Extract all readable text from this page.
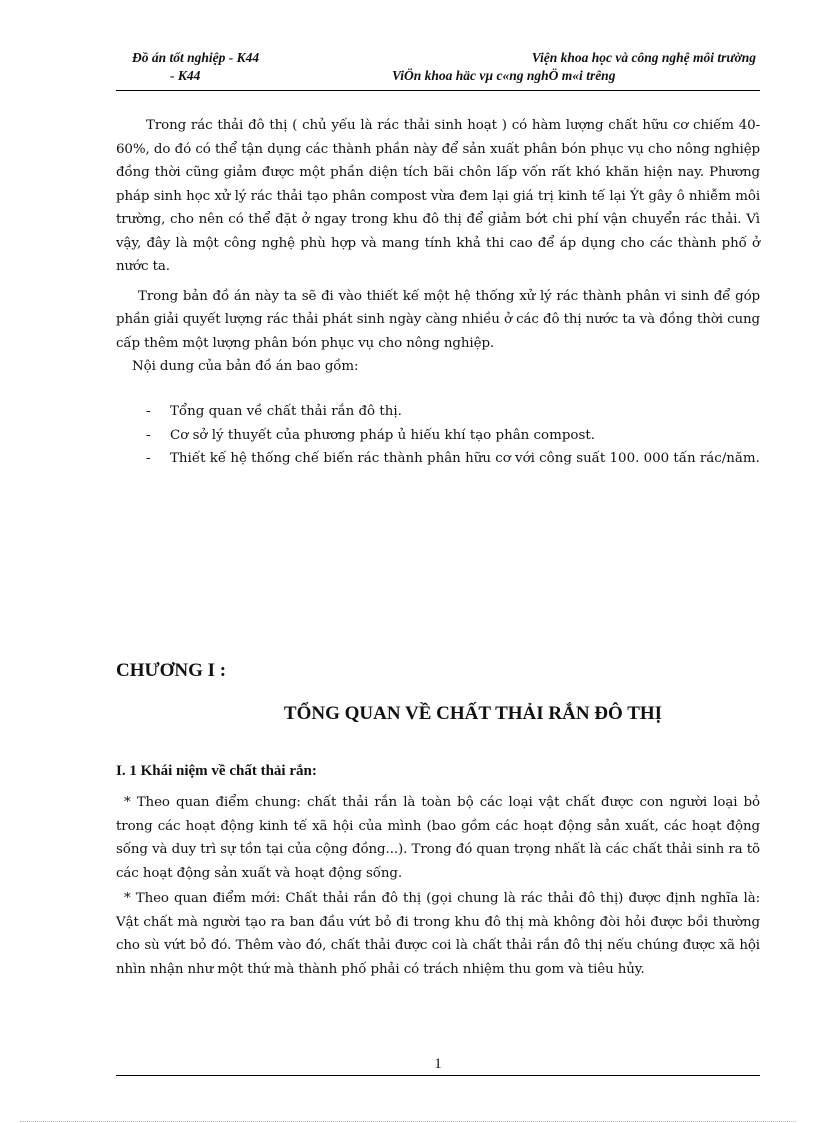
Đồ án tốt nghiệp - K44
- K44
Viện khoa học và công nghệ môi trường
ViÖn khoa häc vµ c«ng nghÖ m«i trêng

Trong rác thải đô thị ( chủ yếu là rác thải sinh hoạt ) có hàm lượng chất hữu cơ chiếm 40- 60%, do đó có thể tận dụng các thành phần này để sản xuất phân bón phục vụ cho nông nghiệp đồng thời cũng giảm được một phần diện tích bãi chôn lấp vốn rất khó khăn hiện nay. Phương pháp sinh học xử lý rác thải tạo phân compost vừa đem lại giá trị kinh tế lại Ýt gây ô nhiễm môi trường, cho nên có thể đặt ở ngay trong khu đô thị để giảm bớt chi phí vận chuyển rác thải. Vì vậy, đây là một công nghệ phù hợp và mang tính khả thi cao để áp dụng cho các thành phố ở nước ta.

Trong bản đồ án này ta sẽ đi vào thiết kế một hệ thống xử lý rác thành phân vi sinh để góp phần giải quyết lượng rác thải phát sinh ngày càng nhiều ở các đô thị nước ta và đồng thời cung cấp thêm một lượng phân bón phục vụ cho nông nghiệp.

Nội dung của bản đồ án bao gồm:

- Tổng quan về chất thải rắn đô thị.
- Cơ sở lý thuyết của phương pháp ủ hiếu khí tạo phân compost.
- Thiết kế hệ thống chế biến rác thành phân hữu cơ với công suất 100. 000 tấn rác/năm.
CHƯƠNG I :
TỔNG QUAN VỀ CHẤT THẢI RẮN ĐÔ THỊ
I. 1 Khái niệm về chất thải rắn:

* Theo quan điểm chung: chất thải rắn là toàn bộ các loại vật chất được con người loại bỏ trong các hoạt động kinh tế xã hội của mình (bao gồm các hoạt động sản xuất, các hoạt động sống và duy trì sự tồn tại của cộng đồng...). Trong đó quan trọng nhất là các chất thải sinh ra tõ các hoạt động sản xuất và hoạt động sống.

* Theo quan điểm mới: Chất thải rắn đô thị (gọi chung là rác thải đô thị) được định nghĩa là: Vật chất mà người tạo ra ban đầu vứt bỏ đi trong khu đô thị mà không đòi hỏi được bồi thường cho sù vứt bỏ đó. Thêm vào đó, chất thải được coi là chất thải rắn đô thị nếu chúng được xã hội nhìn nhận như một thứ mà thành phố phải có trách nhiệm thu gom và tiêu hủy.

1
